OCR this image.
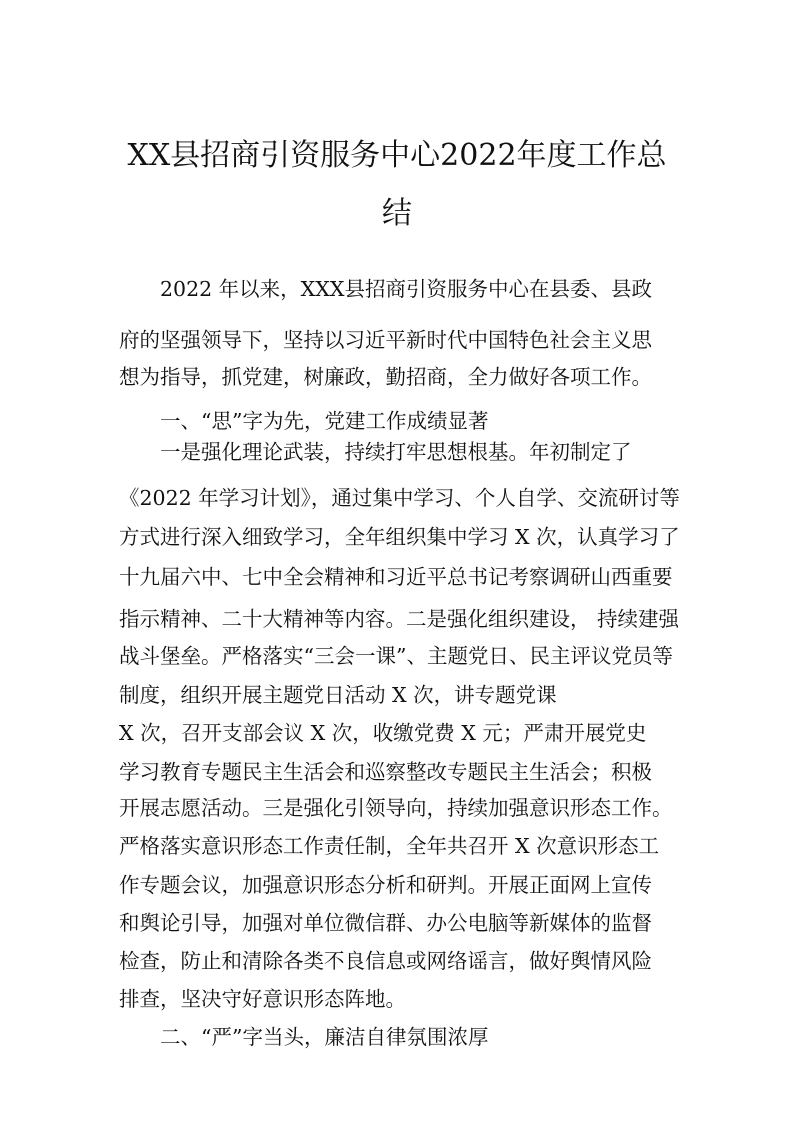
XX县招商引资服务中心2022年度工作总
结

2022 年以来，XXX县招商引资服务中心在县委、县政

府的坚强领导下，坚持以习近平新时代中国特色社会主义思

想为指导，抓党建，树廉政，勤招商，全力做好各项工作。

一、“思”字为先，党建工作成绩显著

一是强化理论武装，持续打牢思想根基。年初制定了

《2022 年学习计划》，通过集中学习、个人自学、交流研讨等

方式进行深入细致学习，全年组织集中学习 X 次，认真学习了

十九届六中、七中全会精神和习近平总书记考察调研山西重要

指示精神、二十大精神等内容。二是强化组织建设， 持续建强

战斗堡垒。严格落实“三会一课”、主题党日、民主评议党员等

制度，组织开展主题党日活动 X 次，讲专题党课

X 次，召开支部会议 X 次，收缴党费 X 元；严肃开展党史

学习教育专题民主生活会和巡察整改专题民主生活会；积极

开展志愿活动。三是强化引领导向，持续加强意识形态工作。

严格落实意识形态工作责任制，全年共召开 X 次意识形态工

作专题会议，加强意识形态分析和研判。开展正面网上宣传

和舆论引导，加强对单位微信群、办公电脑等新媒体的监督

检查，防止和清除各类不良信息或网络谣言，做好舆情风险

排查，坚决守好意识形态阵地。

二、“严”字当头，廉洁自律氛围浓厚
